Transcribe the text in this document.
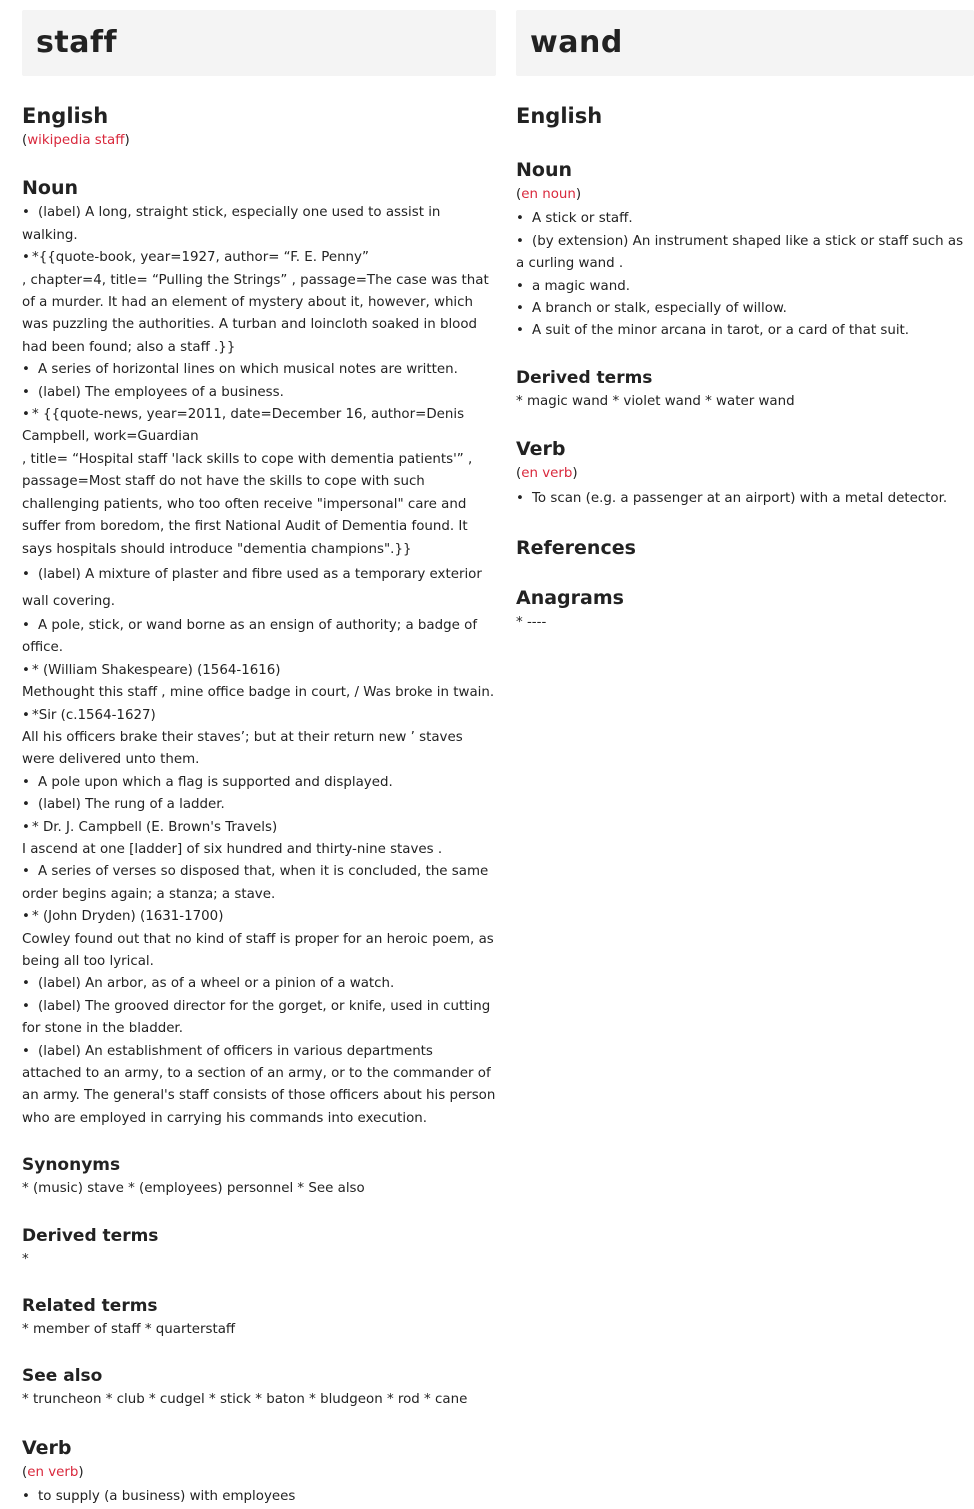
staff
English
(wikipedia staff)
Noun
• (label) A long, straight stick, especially one used to assist in walking.
• *{{quote-book, year=1927, author= “F. E. Penny”
, chapter=4, title= “Pulling the Strings” , passage=The case was that of a murder. It had an element of mystery about it, however, which was puzzling the authorities. A turban and loincloth soaked in blood had been found; also a staff .}}
• A series of horizontal lines on which musical notes are written.
• (label) The employees of a business.
• * {{quote-news, year=2011, date=December 16, author=Denis Campbell, work=Guardian
, title= “Hospital staff 'lack skills to cope with dementia patients'” , passage=Most staff do not have the skills to cope with such challenging patients, who too often receive "impersonal" care and suffer from boredom, the first National Audit of Dementia found. It says hospitals should introduce "dementia champions".}}
• (label) A mixture of plaster and fibre used as a temporary exterior wall covering.
• A pole, stick, or wand borne as an ensign of authority; a badge of office.
• * (William Shakespeare) (1564-1616)
Methought this staff , mine office badge in court, / Was broke in twain.
• *Sir (c.1564-1627)
All his officers brake their staves’; but at their return new ’ staves were delivered unto them.
• A pole upon which a flag is supported and displayed.
• (label) The rung of a ladder.
• * Dr. J. Campbell (E. Brown's Travels)
I ascend at one [ladder] of six hundred and thirty-nine staves .
• A series of verses so disposed that, when it is concluded, the same order begins again; a stanza; a stave.
• * (John Dryden) (1631-1700)
Cowley found out that no kind of staff is proper for an heroic poem, as being all too lyrical.
• (label) An arbor, as of a wheel or a pinion of a watch.
• (label) The grooved director for the gorget, or knife, used in cutting for stone in the bladder.
• (label) An establishment of officers in various departments attached to an army, to a section of an army, or to the commander of an army. The general's staff consists of those officers about his person who are employed in carrying his commands into execution.
Synonyms
* (music) stave * (employees) personnel * See also
Derived terms
*
Related terms
* member of staff * quarterstaff
See also
* truncheon * club * cudgel * stick * baton * bludgeon * rod * cane
Verb
(en verb)
• to supply (a business) with employees
wand
English
Noun
(en noun)
• A stick or staff.
• (by extension) An instrument shaped like a stick or staff such as a curling wand .
• a magic wand.
• A branch or stalk, especially of willow.
• A suit of the minor arcana in tarot, or a card of that suit.
Derived terms
* magic wand * violet wand * water wand
Verb
(en verb)
• To scan (e.g. a passenger at an airport) with a metal detector.
References
Anagrams
* ----
